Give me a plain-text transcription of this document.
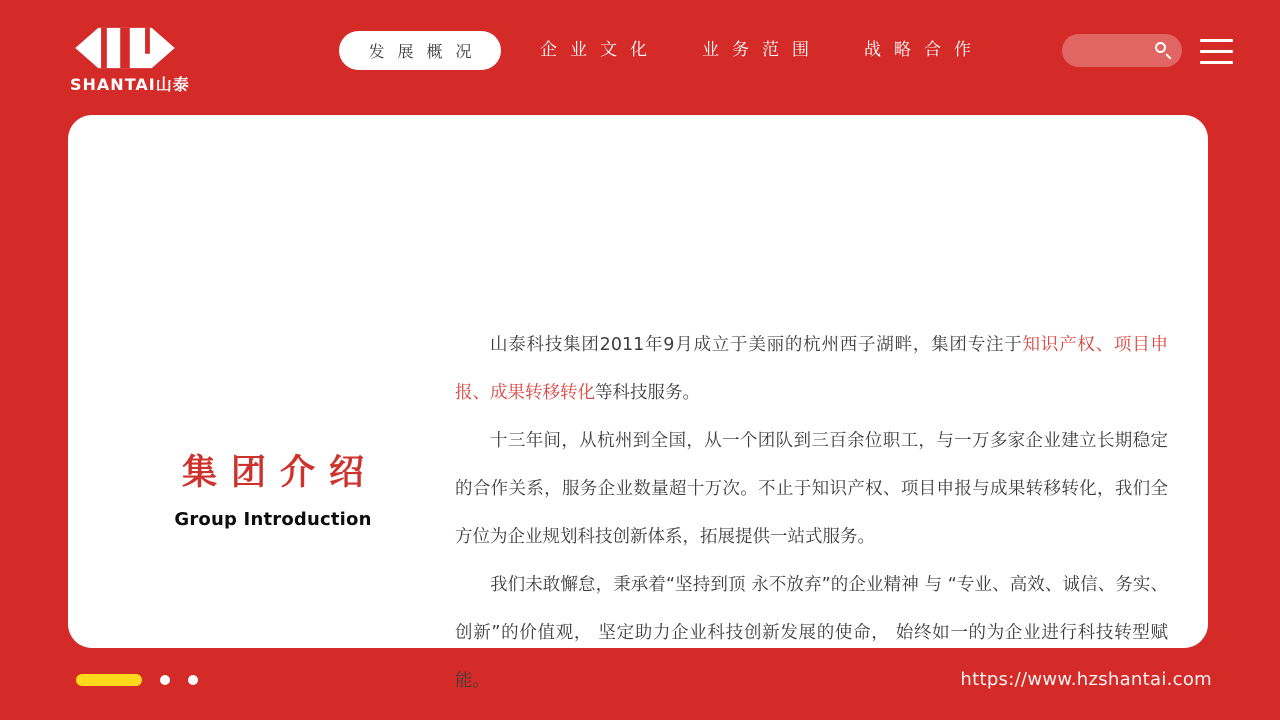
SHANTAI山泰
发展概况	企业文化 业务范围 战略合作
集团介绍
Group Introduction

山泰科技集团2011年9月成立于美丽的杭州西子湖畔，集团专注于知识产权、项目申报、成果转移转化等科技服务。

十三年间，从杭州到全国，从一个团队到三百余位职工，与一万多家企业建立长期稳定的合作关系，服务企业数量超十万次。不止于知识产权、项目申报与成果转移转化，我们全方位为企业规划科技创新体系，拓展提供一站式服务。

我们未敢懈怠，秉承着“坚持到顶 永不放弃”的企业精神 与 “专业、高效、诚信、务实、创新”的价值观， 坚定助力企业科技创新发展的使命， 始终如一的为企业进行科技转型赋能。	https://www.hzshantai.com
